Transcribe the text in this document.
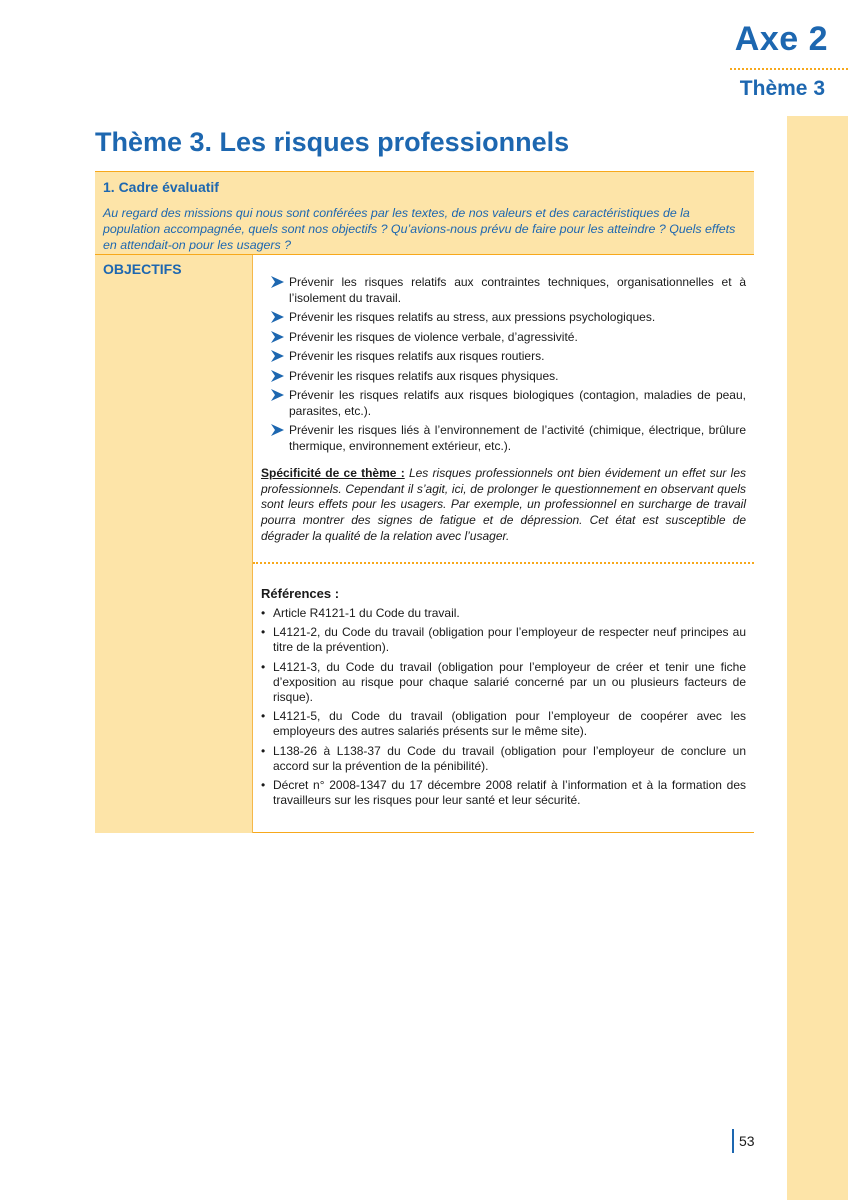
Axe 2
Thème 3
Thème 3. Les risques professionnels
1. Cadre évaluatif

Au regard des missions qui nous sont conférées par les textes, de nos valeurs et des caractéristiques de la population accompagnée, quels sont nos objectifs ? Qu’avions-nous prévu de faire pour les atteindre ? Quels effets en attendait-on pour les usagers ?

OBJECTIFS
Prévenir les risques relatifs aux contraintes techniques, organisationnelles et à l’isolement du travail.
Prévenir les risques relatifs au stress, aux pressions psychologiques.
Prévenir les risques de violence verbale, d’agressivité.
Prévenir les risques relatifs aux risques routiers.
Prévenir les risques relatifs aux risques physiques.
Prévenir les risques relatifs aux risques biologiques (contagion, maladies de peau, parasites, etc.).
Prévenir les risques liés à l’environnement de l’activité (chimique, électrique, brûlure thermique, environnement extérieur, etc.).

Spécificité de ce thème : Les risques professionnels ont bien évidement un effet sur les professionnels. Cependant il s’agit, ici, de prolonger le questionnement en observant quels sont leurs effets pour les usagers. Par exemple, un professionnel en surcharge de travail pourra montrer des signes de fatigue et de dépression. Cet état est susceptible de dégrader la qualité de la relation avec l’usager.

Références :
• Article R4121-1 du Code du travail.
• L4121-2, du Code du travail (obligation pour l’employeur de respecter neuf principes au titre de la prévention).
• L4121-3, du Code du travail (obligation pour l’employeur de créer et tenir une fiche d’exposition au risque pour chaque salarié concerné par un ou plusieurs facteurs de risque).
• L4121-5, du Code du travail (obligation pour l’employeur de coopérer avec les employeurs des autres salariés présents sur le même site).
• L138-26 à L138-37 du Code du travail (obligation pour l’employeur de conclure un accord sur la prévention de la pénibilité).
• Décret n° 2008-1347 du 17 décembre 2008 relatif à l’information et à la formation des travailleurs sur les risques pour leur santé et leur sécurité.
53
